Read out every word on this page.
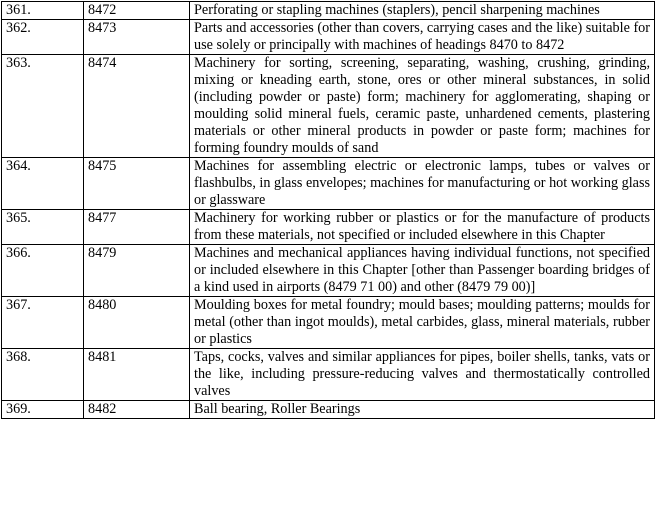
361.	8472	Perforating or stapling machines (staplers), pencil sharpening machines
362.	8473	Parts and accessories (other than covers, carrying cases and the like) suitable for use solely or principally with machines of headings 8470 to 8472
363.	8474	Machinery for sorting, screening, separating, washing, crushing, grinding, mixing or kneading earth, stone, ores or other mineral substances, in solid (including powder or paste) form; machinery for agglomerating, shaping or moulding solid mineral fuels, ceramic paste, unhardened cements, plastering materials or other mineral products in powder or paste form; machines for forming foundry moulds of sand
364.	8475	Machines for assembling electric or electronic lamps, tubes or valves or flashbulbs, in glass envelopes; machines for manufacturing or hot working glass or glassware
365.	8477	Machinery for working rubber or plastics or for the manufacture of products from these materials, not specified or included elsewhere in this Chapter
366.	8479	Machines and mechanical appliances having individual functions, not specified or included elsewhere in this Chapter [other than Passenger boarding bridges of a kind used in airports (8479 71 00) and other (8479 79 00)]
367.	8480	Moulding boxes for metal foundry; mould bases; moulding patterns; moulds for metal (other than ingot moulds), metal carbides, glass, mineral materials, rubber or plastics
368.	8481	Taps, cocks, valves and similar appliances for pipes, boiler shells, tanks, vats or the like, including pressure-reducing valves and thermostatically controlled valves
369.	8482	Ball bearing, Roller Bearings
